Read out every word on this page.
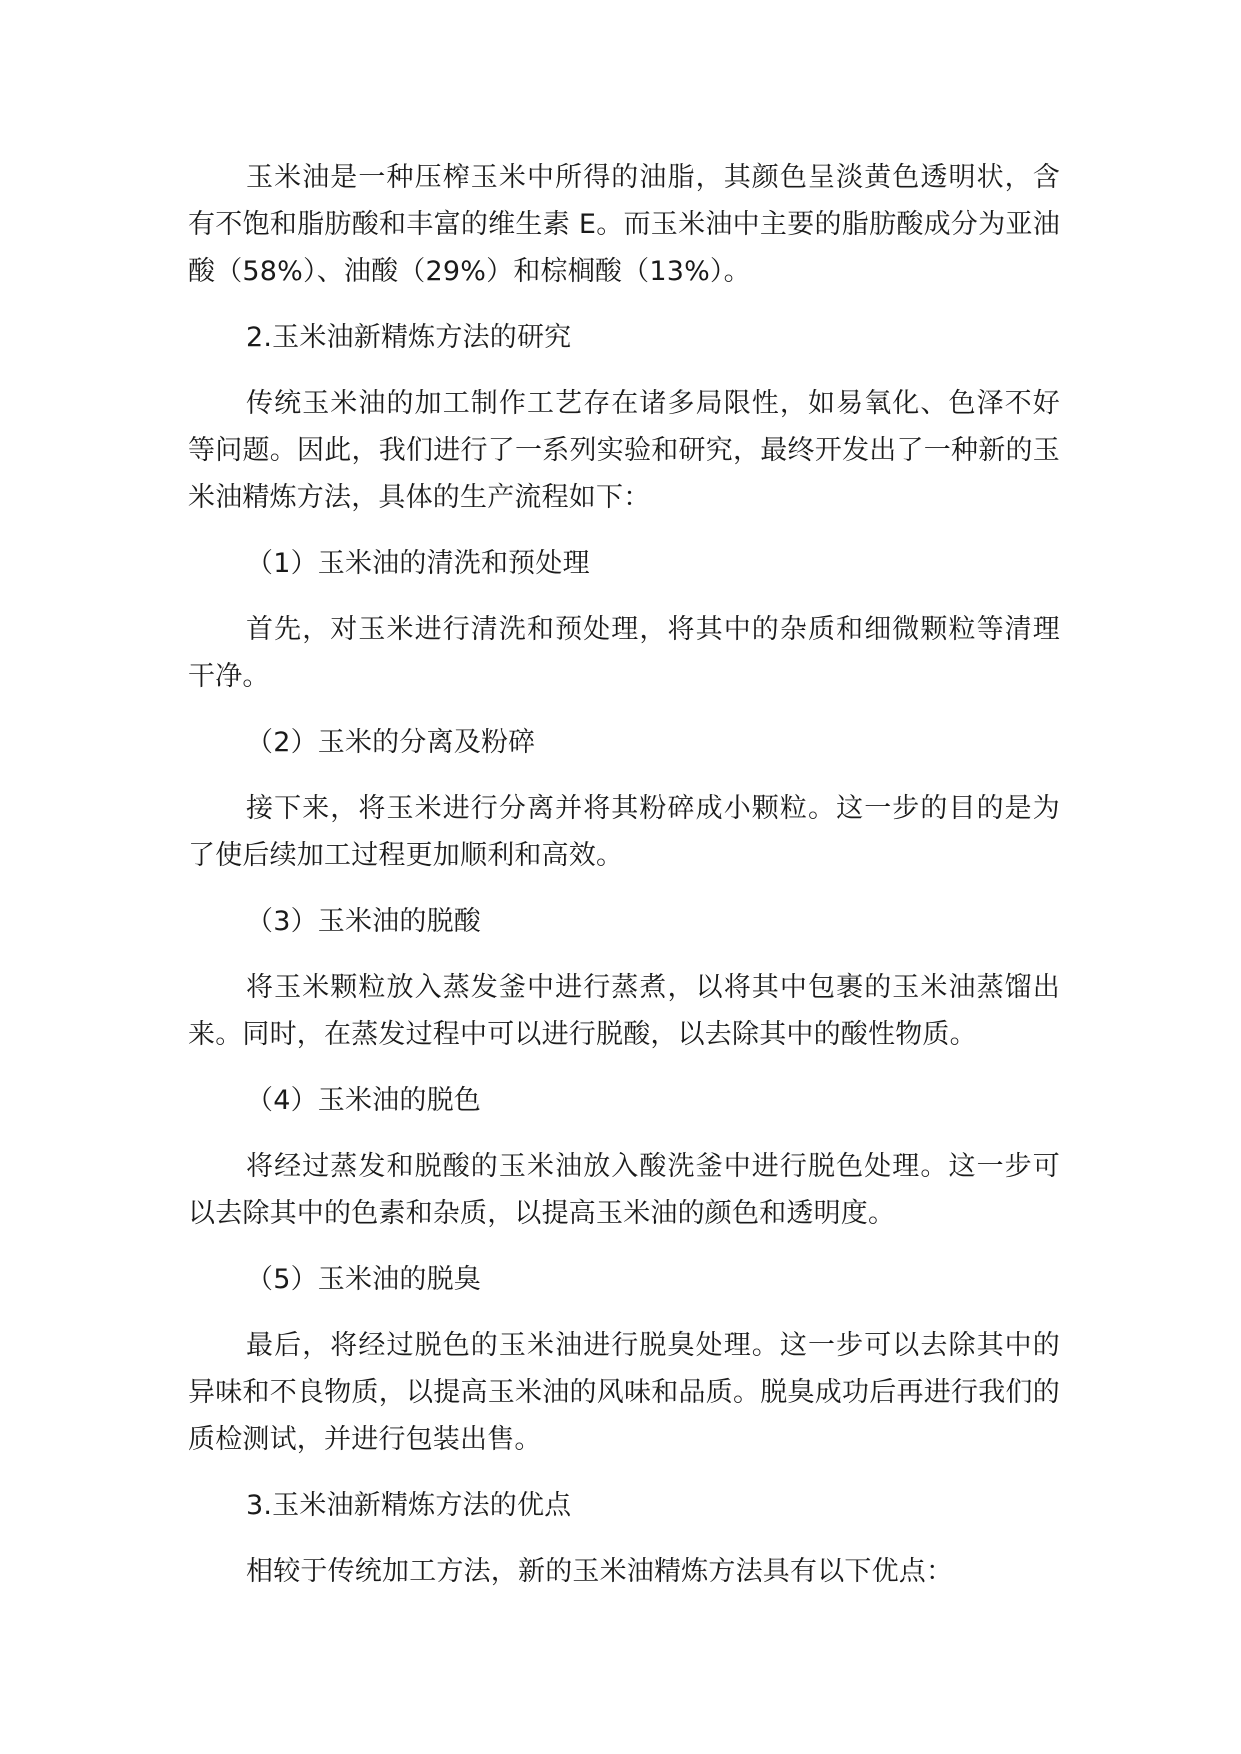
玉米油是一种压榨玉米中所得的油脂，其颜色呈淡黄色透明状，含有不饱和脂肪酸和丰富的维生素 E。而玉米油中主要的脂肪酸成分为亚油酸（58%）、油酸（29%）和棕榈酸（13%）。

2.玉米油新精炼方法的研究

传统玉米油的加工制作工艺存在诸多局限性，如易氧化、色泽不好等问题。因此，我们进行了一系列实验和研究，最终开发出了一种新的玉米油精炼方法，具体的生产流程如下：

（1）玉米油的清洗和预处理

首先，对玉米进行清洗和预处理，将其中的杂质和细微颗粒等清理干净。

（2）玉米的分离及粉碎

接下来，将玉米进行分离并将其粉碎成小颗粒。这一步的目的是为了使后续加工过程更加顺利和高效。

（3）玉米油的脱酸

将玉米颗粒放入蒸发釜中进行蒸煮，以将其中包裹的玉米油蒸馏出来。同时，在蒸发过程中可以进行脱酸，以去除其中的酸性物质。

（4）玉米油的脱色

将经过蒸发和脱酸的玉米油放入酸洗釜中进行脱色处理。这一步可以去除其中的色素和杂质，以提高玉米油的颜色和透明度。

（5）玉米油的脱臭

最后，将经过脱色的玉米油进行脱臭处理。这一步可以去除其中的异味和不良物质，以提高玉米油的风味和品质。脱臭成功后再进行我们的质检测试，并进行包装出售。

3.玉米油新精炼方法的优点

相较于传统加工方法，新的玉米油精炼方法具有以下优点：
